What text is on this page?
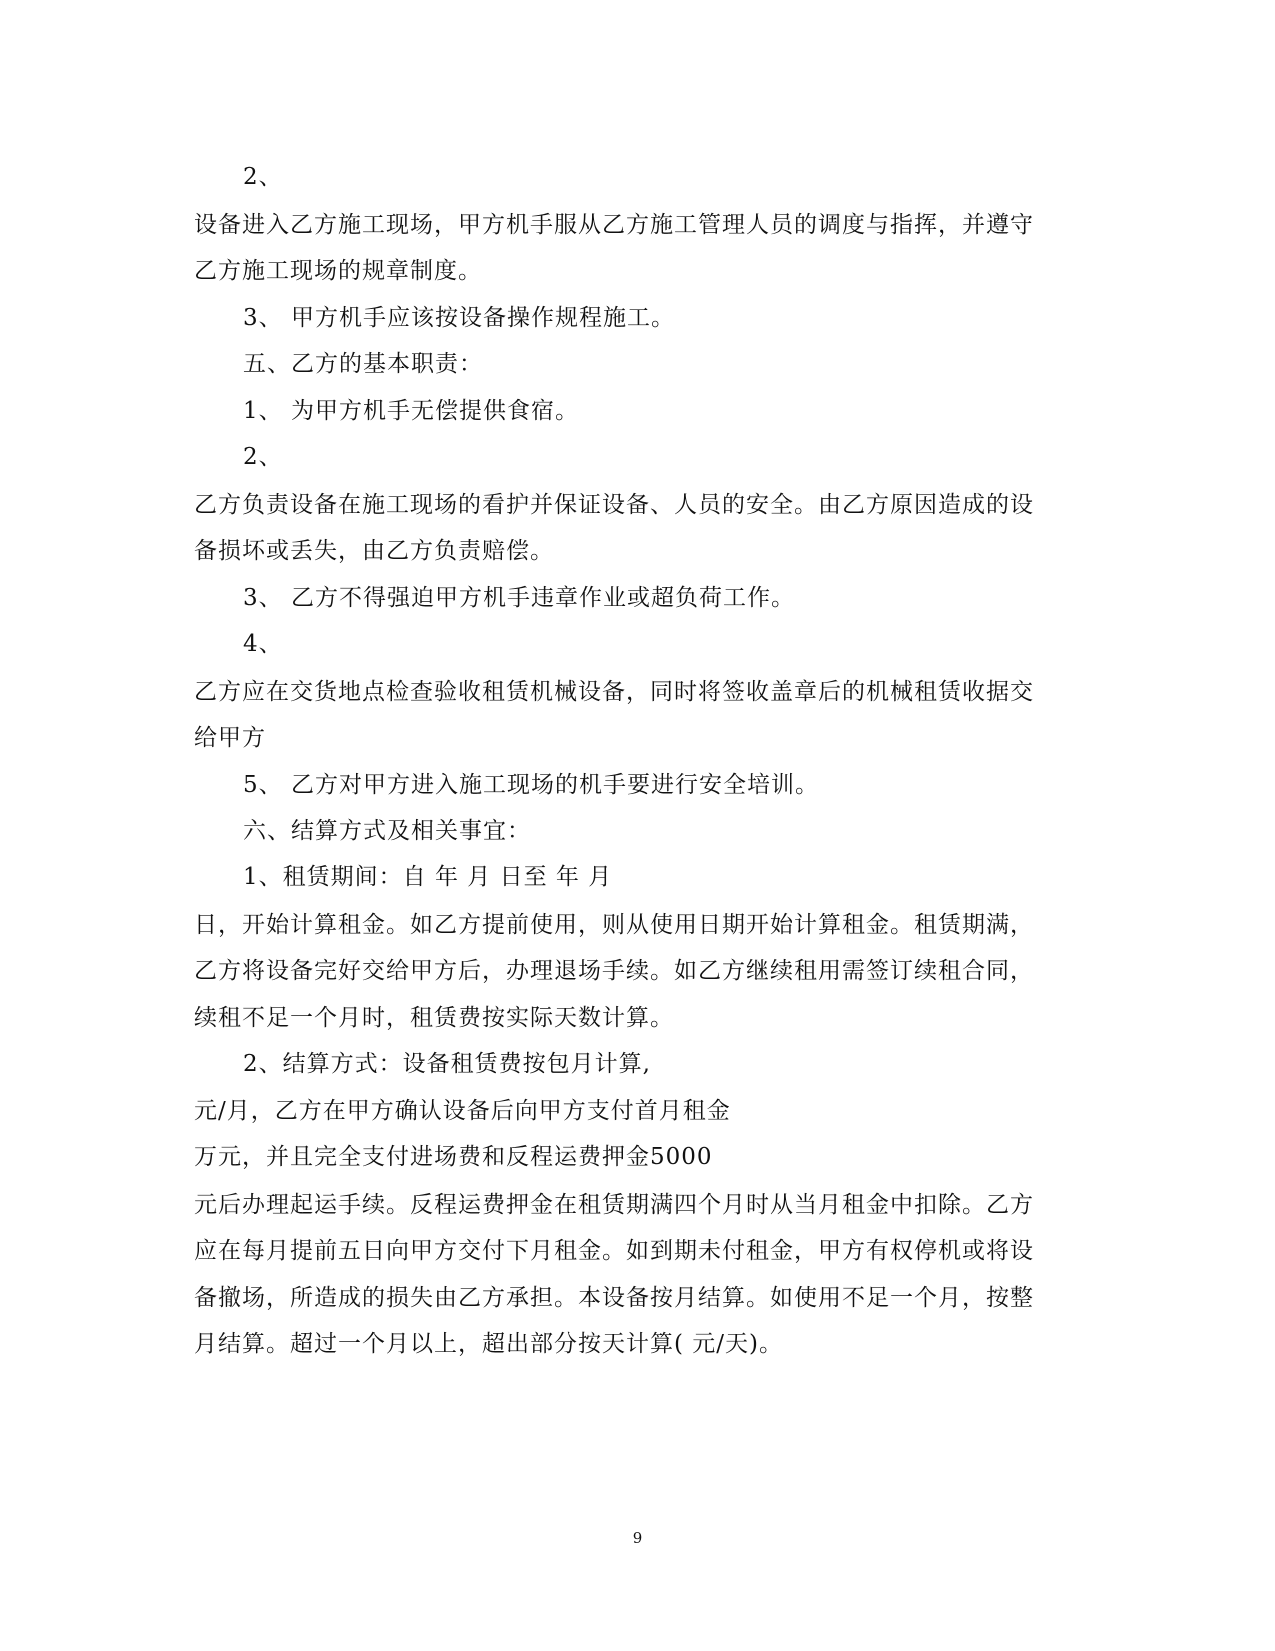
2、
设备进入乙方施工现场，甲方机手服从乙方施工管理人员的调度与指挥，并遵守
乙方施工现场的规章制度。
3、 甲方机手应该按设备操作规程施工。
五、乙方的基本职责：
1、 为甲方机手无偿提供食宿。
2、
乙方负责设备在施工现场的看护并保证设备、人员的安全。由乙方原因造成的设
备损坏或丢失，由乙方负责赔偿。
3、 乙方不得强迫甲方机手违章作业或超负荷工作。
4、
乙方应在交货地点检查验收租赁机械设备，同时将签收盖章后的机械租赁收据交
给甲方
5、 乙方对甲方进入施工现场的机手要进行安全培训。
六、结算方式及相关事宜：
1、租赁期间：自 年 月 日至 年 月
日，开始计算租金。如乙方提前使用，则从使用日期开始计算租金。租赁期满，
乙方将设备完好交给甲方后，办理退场手续。如乙方继续租用需签订续租合同，
续租不足一个月时，租赁费按实际天数计算。
2、结算方式：设备租赁费按包月计算,
元/月，乙方在甲方确认设备后向甲方支付首月租金
万元，并且完全支付进场费和反程运费押金5000
元后办理起运手续。反程运费押金在租赁期满四个月时从当月租金中扣除。乙方
应在每月提前五日向甲方交付下月租金。如到期未付租金，甲方有权停机或将设
备撤场，所造成的损失由乙方承担。本设备按月结算。如使用不足一个月，按整
月结算。超过一个月以上，超出部分按天计算( 元/天)。
9
